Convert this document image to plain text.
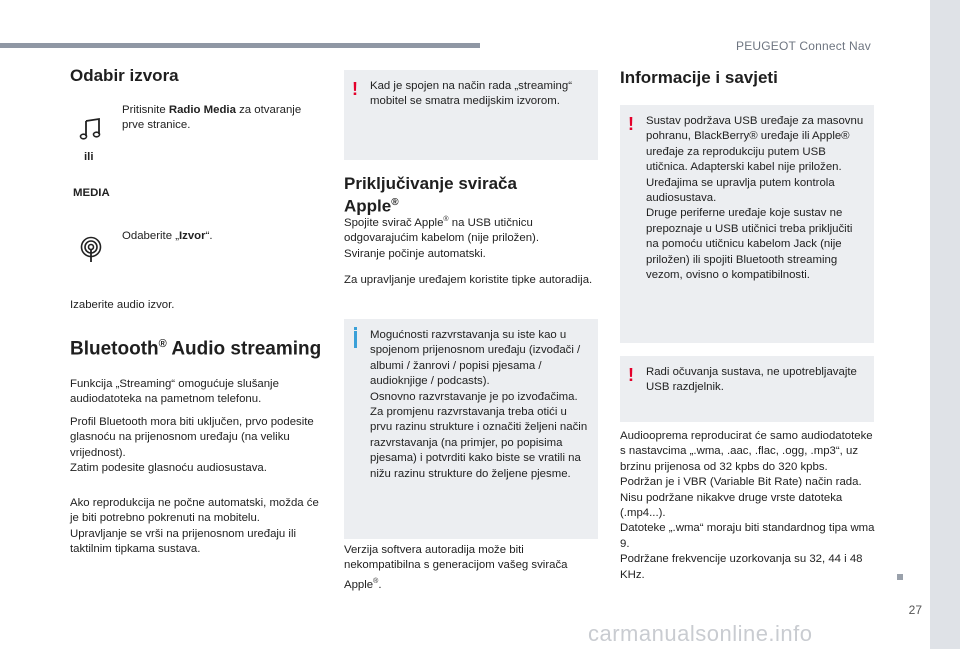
PEUGEOT Connect Nav
27
Odabir izvora
Pritisnite Radio Media za otvaranje prve stranice.
ili
MEDIA
Odaberite „Izvor“.
Izaberite audio izvor.
Bluetooth® Audio streaming
Funkcija „Streaming“ omogućuje slušanje audiodatoteka na pametnom telefonu.
Profil Bluetooth mora biti uključen, prvo podesite glasnoću na prijenosnom uređaju (na veliku vrijednost).
Zatim podesite glasnoću audiosustava.
Ako reprodukcija ne počne automatski, možda će je biti potrebno pokrenuti na mobitelu.
Upravljanje se vrši na prijenosnom uređaju ili taktilnim tipkama sustava.
! Kad je spojen na način rada „streaming“ mobitel se smatra medijskim izvorom.
Priključivanje svirača
Apple®
Spojite svirač Apple® na USB utičnicu odgovarajućim kabelom (nije priložen).
Sviranje počinje automatski.
Za upravljanje uređajem koristite tipke autoradija.
Mogućnosti razvrstavanja su iste kao u spojenom prijenosnom uređaju (izvođači / albumi / žanrovi / popisi pjesama / audioknjige / podcasts).
Osnovno razvrstavanje je po izvođačima. Za promjenu razvrstavanja treba otići u prvu razinu strukture i označiti željeni način razvrstavanja (na primjer, po popisima pjesama) i potvrditi kako biste se vratili na nižu razinu strukture do željene pjesme.
Verzija softvera autoradija može biti nekompatibilna s generacijom vašeg svirača Apple®.
Informacije i savjeti
! Sustav podržava USB uređaje za masovnu pohranu, BlackBerry® uređaje ili Apple® uređaje za reprodukciju putem USB utičnica. Adapterski kabel nije priložen.
Uređajima se upravlja putem kontrola audiosustava.
Druge periferne uređaje koje sustav ne prepoznaje u USB utičnici treba priključiti na pomoću utičnicu kabelom Jack (nije priložen) ili spojiti Bluetooth streaming vezom, ovisno o kompatibilnosti.
! Radi očuvanja sustava, ne upotrebljavajte USB razdjelnik.
Audiooprema reproducirat će samo audiodatoteke s nastavcima „.wma, .aac, .flac, .ogg, .mp3“, uz brzinu prijenosa od 32 kpbs do 320 kpbs.
Podržan je i VBR (Variable Bit Rate) način rada.
Nisu podržane nikakve druge vrste datoteka (.mp4...).
Datoteke „.wma“ moraju biti standardnog tipa wma 9.
Podržane frekvencije uzorkovanja su 32, 44 i 48 KHz.
carmanualsonline.info
